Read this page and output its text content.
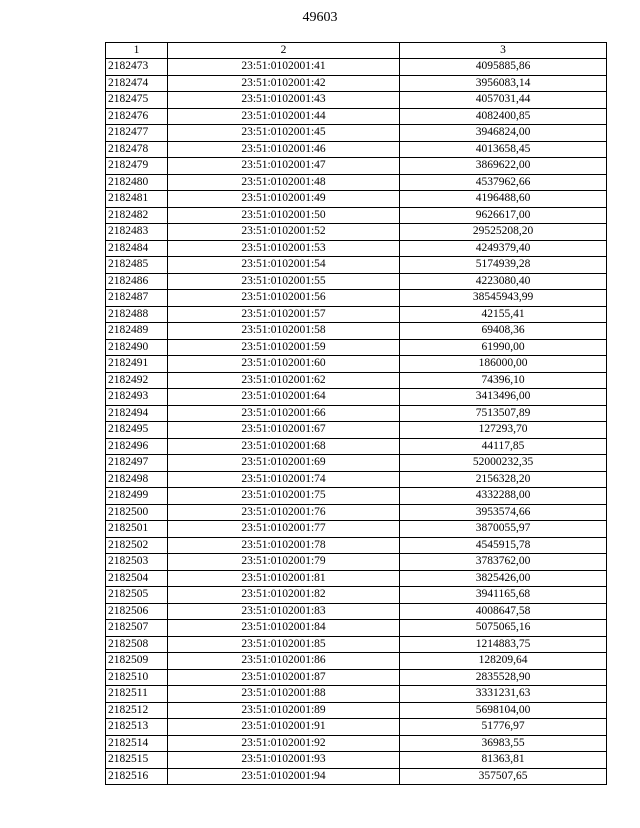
49603
1	2	3
2182473	23:51:0102001:41	4095885,86
2182474	23:51:0102001:42	3956083,14
2182475	23:51:0102001:43	4057031,44
2182476	23:51:0102001:44	4082400,85
2182477	23:51:0102001:45	3946824,00
2182478	23:51:0102001:46	4013658,45
2182479	23:51:0102001:47	3869622,00
2182480	23:51:0102001:48	4537962,66
2182481	23:51:0102001:49	4196488,60
2182482	23:51:0102001:50	9626617,00
2182483	23:51:0102001:52	29525208,20
2182484	23:51:0102001:53	4249379,40
2182485	23:51:0102001:54	5174939,28
2182486	23:51:0102001:55	4223080,40
2182487	23:51:0102001:56	38545943,99
2182488	23:51:0102001:57	42155,41
2182489	23:51:0102001:58	69408,36
2182490	23:51:0102001:59	61990,00
2182491	23:51:0102001:60	186000,00
2182492	23:51:0102001:62	74396,10
2182493	23:51:0102001:64	3413496,00
2182494	23:51:0102001:66	7513507,89
2182495	23:51:0102001:67	127293,70
2182496	23:51:0102001:68	44117,85
2182497	23:51:0102001:69	52000232,35
2182498	23:51:0102001:74	2156328,20
2182499	23:51:0102001:75	4332288,00
2182500	23:51:0102001:76	3953574,66
2182501	23:51:0102001:77	3870055,97
2182502	23:51:0102001:78	4545915,78
2182503	23:51:0102001:79	3783762,00
2182504	23:51:0102001:81	3825426,00
2182505	23:51:0102001:82	3941165,68
2182506	23:51:0102001:83	4008647,58
2182507	23:51:0102001:84	5075065,16
2182508	23:51:0102001:85	1214883,75
2182509	23:51:0102001:86	128209,64
2182510	23:51:0102001:87	2835528,90
2182511	23:51:0102001:88	3331231,63
2182512	23:51:0102001:89	5698104,00
2182513	23:51:0102001:91	51776,97
2182514	23:51:0102001:92	36983,55
2182515	23:51:0102001:93	81363,81
2182516	23:51:0102001:94	357507,65
